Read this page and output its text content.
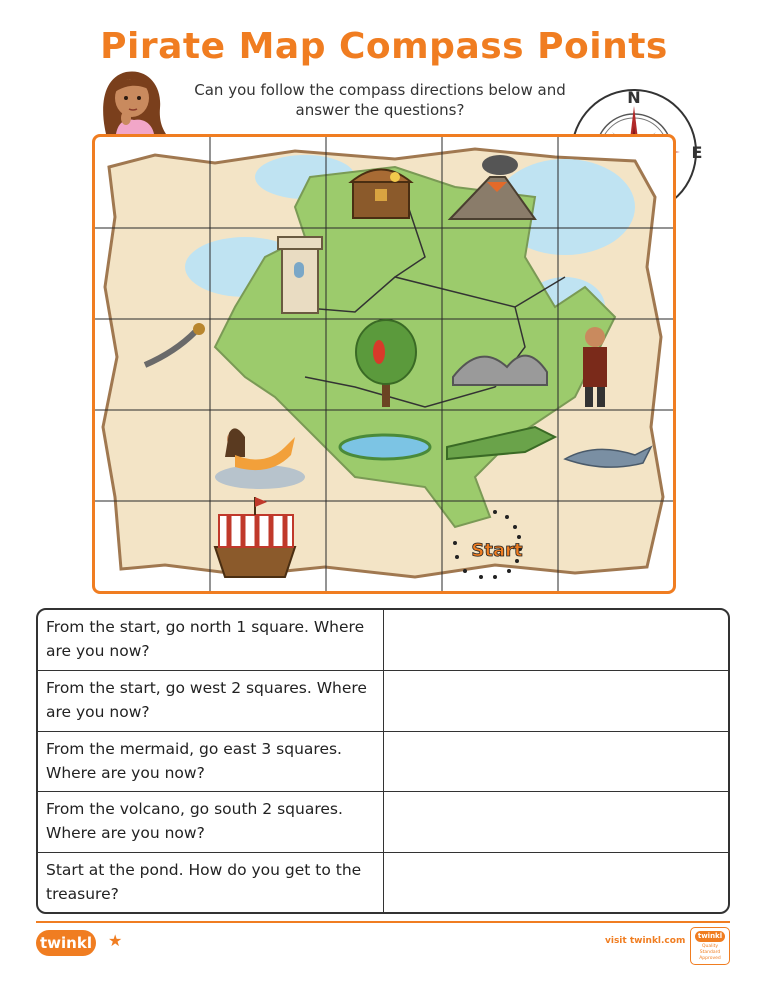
Pirate Map Compass Points
Can you follow the compass directions below and answer the questions?
N
E
Start
From the start, go north 1 square. Where are you now?
From the start, go west 2 squares. Where are you now?
From the mermaid, go east 3 squares. Where are you now?
From the volcano, go south 2 squares. Where are you now?
Start at the pond. How do you get to the treasure?
twinkl ★	visit twinkl.com	twinkl
Quality Standard Approved
